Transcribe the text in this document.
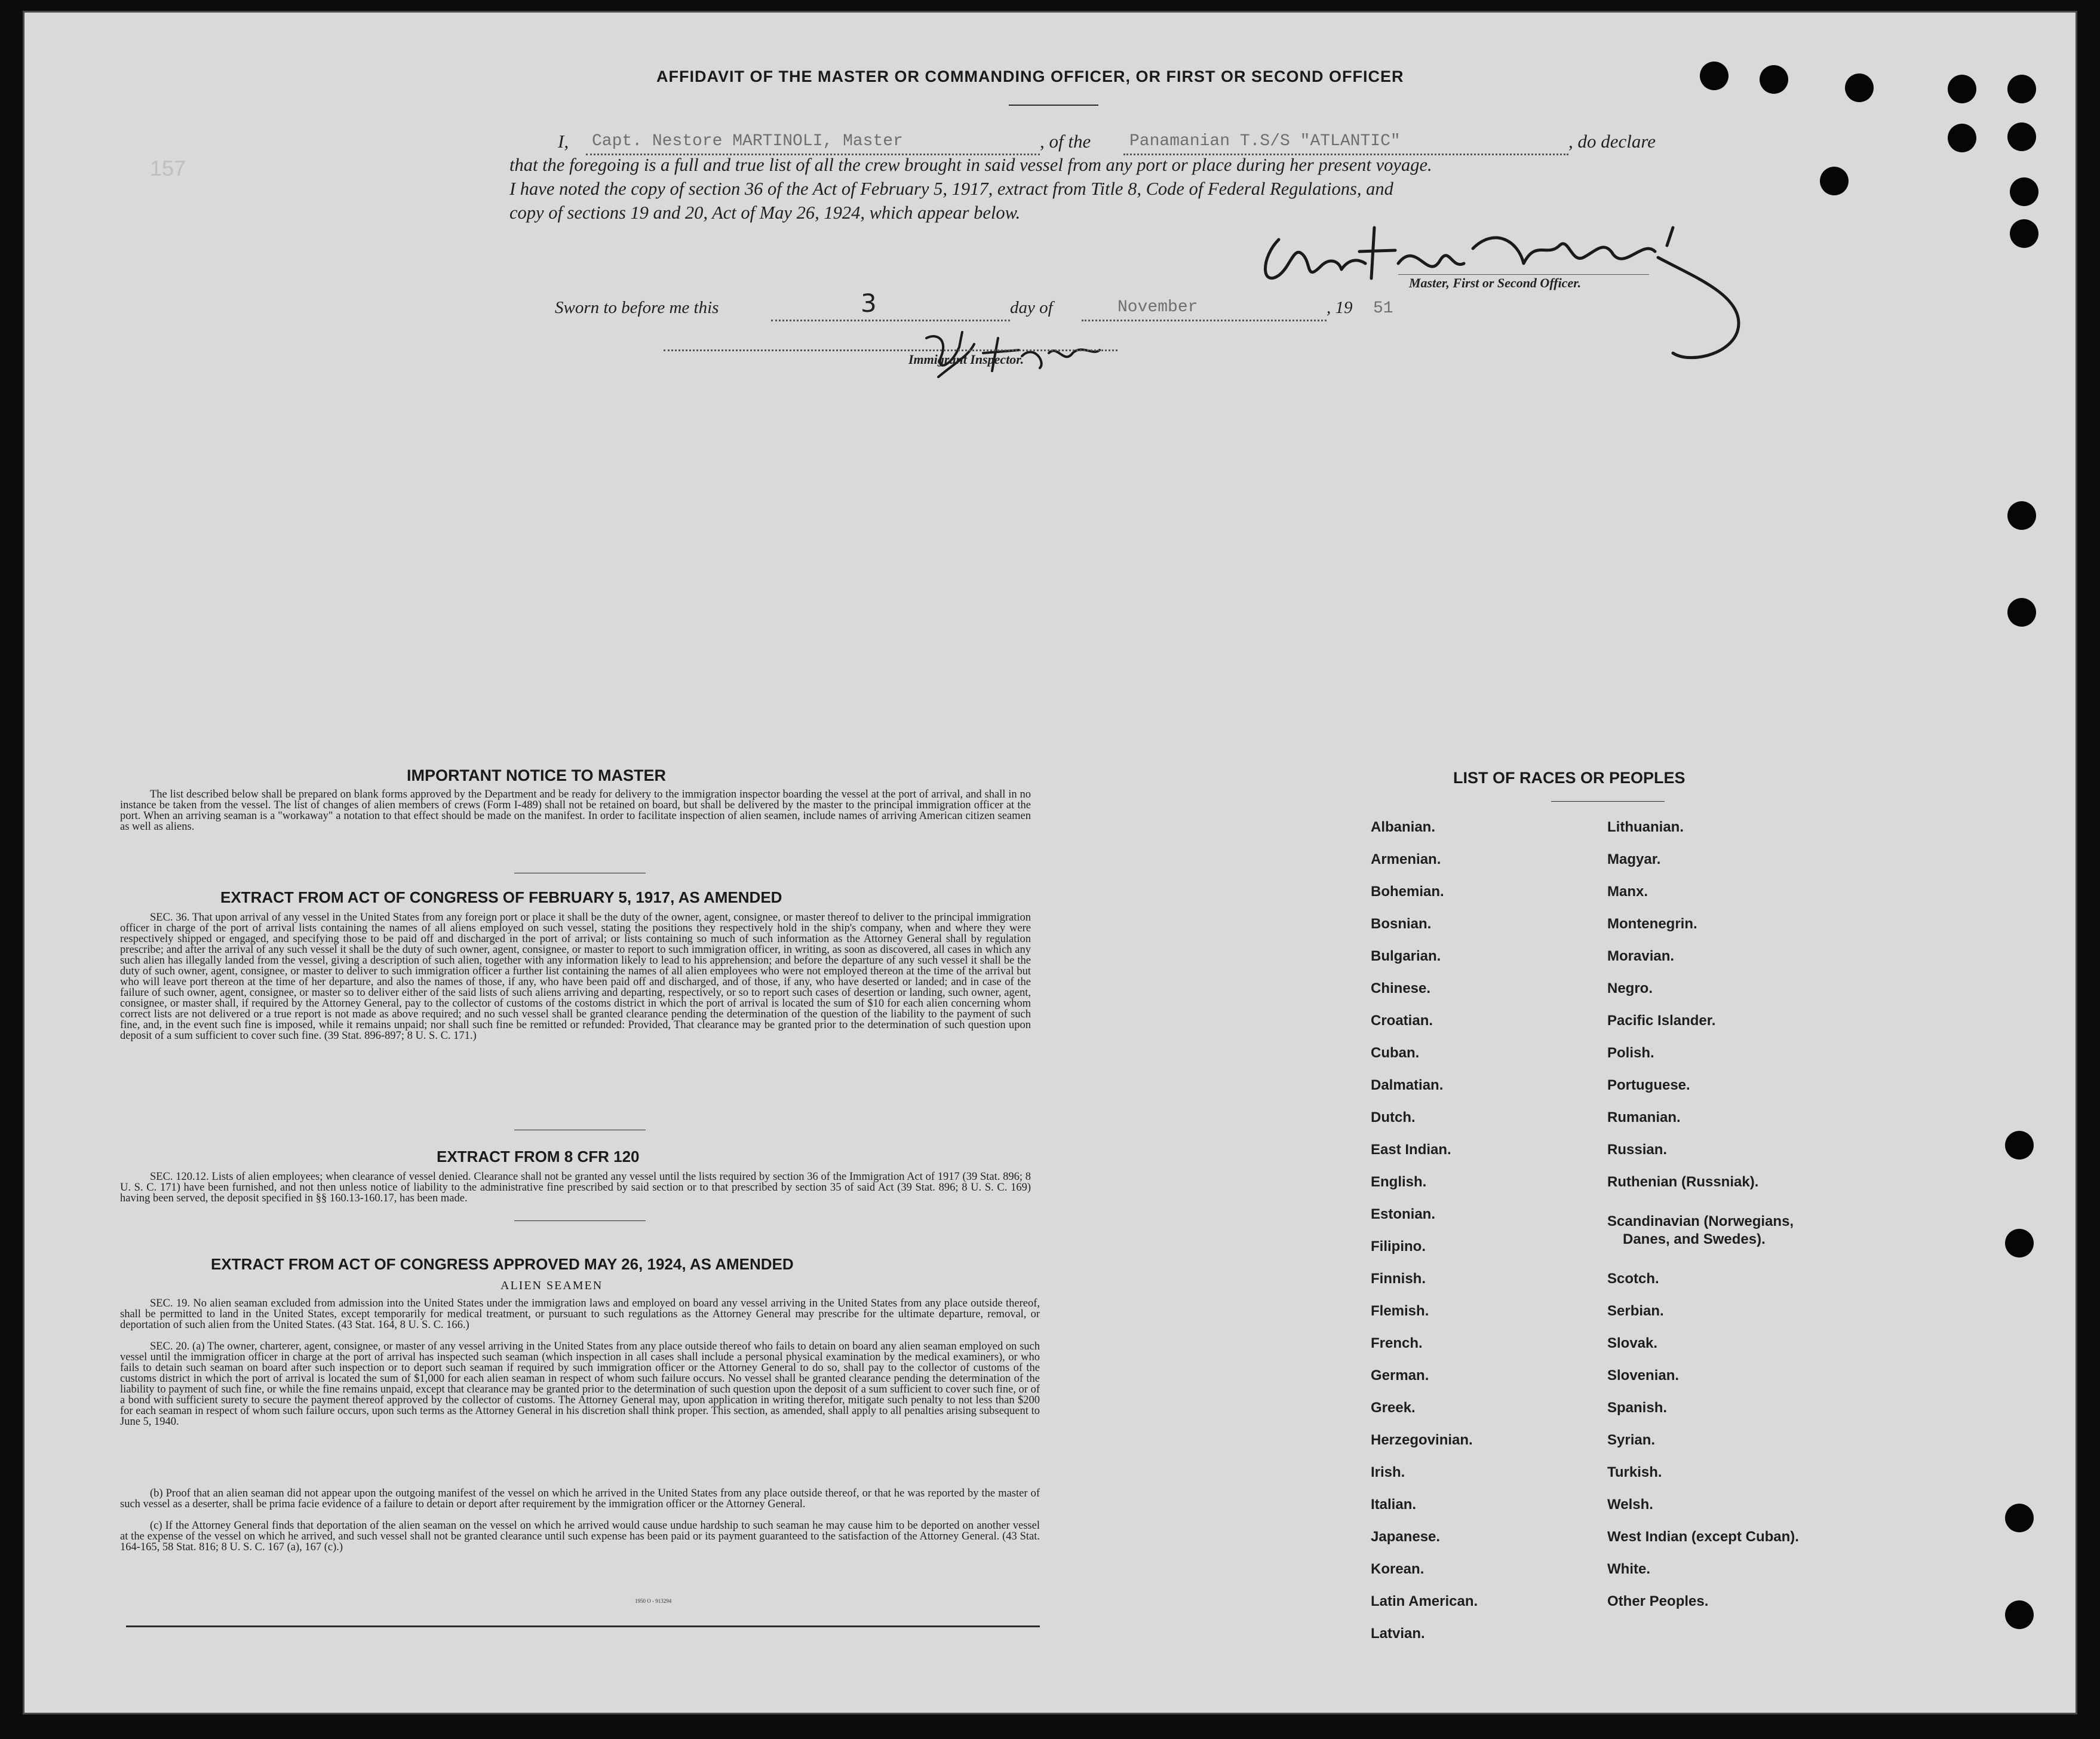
157
AFFIDAVIT OF THE MASTER OR COMMANDING OFFICER, OR FIRST OR SECOND OFFICER
I, Capt. Nestore MARTINOLI, Master	, of the Panamanian T.S/S "ATLANTIC"	, do declare
that the foregoing is a full and true list of all the crew brought in said vessel from any port or place during her present voyage.
I have noted the copy of section 36 of the Act of February 5, 1917, extract from Title 8, Code of Federal Regulations, and
copy of sections 19 and 20, Act of May 26, 1924, which appear below.
Master, First or Second Officer.
Sworn to before me this	3	day of	November	, 19 51
Immigrant Inspector.
IMPORTANT NOTICE TO MASTER
The list described below shall be prepared on blank forms approved by the Department and be ready for delivery to the immigration inspector boarding the vessel at the port of arrival, and shall in no instance be taken from the vessel. The list of changes of alien members of crews (Form I-489) shall not be retained on board, but shall be delivered by the master to the principal immigration officer at the port. When an arriving seaman is a "workaway" a notation to that effect should be made on the manifest. In order to facilitate inspection of alien seamen, include names of arriving American citizen seamen as well as aliens.
EXTRACT FROM ACT OF CONGRESS OF FEBRUARY 5, 1917, AS AMENDED
SEC. 36. That upon arrival of any vessel in the United States from any foreign port or place it shall be the duty of the owner, agent, consignee, or master thereof to deliver to the principal immigration officer in charge of the port of arrival lists containing the names of all aliens employed on such vessel, stating the positions they respectively hold in the ship's company, when and where they were respectively shipped or engaged, and specifying those to be paid off and discharged in the port of arrival; or lists containing so much of such information as the Attorney General shall by regulation prescribe; and after the arrival of any such vessel it shall be the duty of such owner, agent, consignee, or master to report to such immigration officer, in writing, as soon as discovered, all cases in which any such alien has illegally landed from the vessel, giving a description of such alien, together with any information likely to lead to his apprehension; and before the departure of any such vessel it shall be the duty of such owner, agent, consignee, or master to deliver to such immigration officer a further list containing the names of all alien employees who were not employed thereon at the time of the arrival but who will leave port thereon at the time of her departure, and also the names of those, if any, who have been paid off and discharged, and of those, if any, who have deserted or landed; and in case of the failure of such owner, agent, consignee, or master so to deliver either of the said lists of such aliens arriving and departing, respectively, or so to report such cases of desertion or landing, such owner, agent, consignee, or master shall, if required by the Attorney General, pay to the collector of customs of the costoms district in which the port of arrival is located the sum of $10 for each alien concerning whom correct lists are not delivered or a true report is not made as above required; and no such vessel shall be granted clearance pending the determination of the question of the liability to the payment of such fine, and, in the event such fine is imposed, while it remains unpaid; nor shall such fine be remitted or refunded: Provided, That clearance may be granted prior to the determination of such question upon deposit of a sum sufficient to cover such fine. (39 Stat. 896-897; 8 U. S. C. 171.)
EXTRACT FROM 8 CFR 120
SEC. 120.12. Lists of alien employees; when clearance of vessel denied. Clearance shall not be granted any vessel until the lists required by section 36 of the Immigration Act of 1917 (39 Stat. 896; 8 U. S. C. 171) have been furnished, and not then unless notice of liability to the administrative fine prescribed by said section or to that prescribed by section 35 of said Act (39 Stat. 896; 8 U. S. C. 169) having been served, the deposit specified in §§ 160.13-160.17, has been made.
EXTRACT FROM ACT OF CONGRESS APPROVED MAY 26, 1924, AS AMENDED
ALIEN SEAMEN
SEC. 19. No alien seaman excluded from admission into the United States under the immigration laws and employed on board any vessel arriving in the United States from any place outside thereof, shall be permitted to land in the United States, except temporarily for medical treatment, or pursuant to such regulations as the Attorney General may prescribe for the ultimate departure, removal, or deportation of such alien from the United States. (43 Stat. 164, 8 U. S. C. 166.)
SEC. 20. (a) The owner, charterer, agent, consignee, or master of any vessel arriving in the United States from any place outside thereof who fails to detain on board any alien seaman employed on such vessel until the immigration officer in charge at the port of arrival has inspected such seaman (which inspection in all cases shall include a personal physical examination by the medical examiners), or who fails to detain such seaman on board after such inspection or to deport such seaman if required by such immigration officer or the Attorney General to do so, shall pay to the collector of customs of the customs district in which the port of arrival is located the sum of $1,000 for each alien seaman in respect of whom such failure occurs. No vessel shall be granted clearance pending the determination of the liability to payment of such fine, or while the fine remains unpaid, except that clearance may be granted prior to the determination of such question upon the deposit of a sum sufficient to cover such fine, or of a bond with sufficient surety to secure the payment thereof approved by the collector of customs. The Attorney General may, upon application in writing therefor, mitigate such penalty to not less than $200 for each seaman in respect of whom such failure occurs, upon such terms as the Attorney General in his discretion shall think proper. This section, as amended, shall apply to all penalties arising subsequent to June 5, 1940.
(b) Proof that an alien seaman did not appear upon the outgoing manifest of the vessel on which he arrived in the United States from any place outside thereof, or that he was reported by the master of such vessel as a deserter, shall be prima facie evidence of a failure to detain or deport after requirement by the immigration officer or the Attorney General.
(c) If the Attorney General finds that deportation of the alien seaman on the vessel on which he arrived would cause undue hardship to such seaman he may cause him to be deported on another vessel at the expense of the vessel on which he arrived, and such vessel shall not be granted clearance until such expense has been paid or its payment guaranteed to the satisfaction of the Attorney General. (43 Stat. 164-165, 58 Stat. 816; 8 U. S. C. 167 (a), 167 (c).)
1950 O - 913294
LIST OF RACES OR PEOPLES
Albanian.
Armenian.
Bohemian.
Bosnian.
Bulgarian.
Chinese.
Croatian.
Cuban.
Dalmatian.
Dutch.
East Indian.
English.
Estonian.
Filipino.
Finnish.
Flemish.
French.
German.
Greek.
Herzegovinian.
Irish.
Italian.
Japanese.
Korean.
Latin American.
Latvian.
Lithuanian.
Magyar.
Manx.
Montenegrin.
Moravian.
Negro.
Pacific Islander.
Polish.
Portuguese.
Rumanian.
Russian.
Ruthenian (Russniak).
Scandinavian (Norwegians,
Danes, and Swedes).
Scotch.
Serbian.
Slovak.
Slovenian.
Spanish.
Syrian.
Turkish.
Welsh.
West Indian (except Cuban).
White.
Other Peoples.
